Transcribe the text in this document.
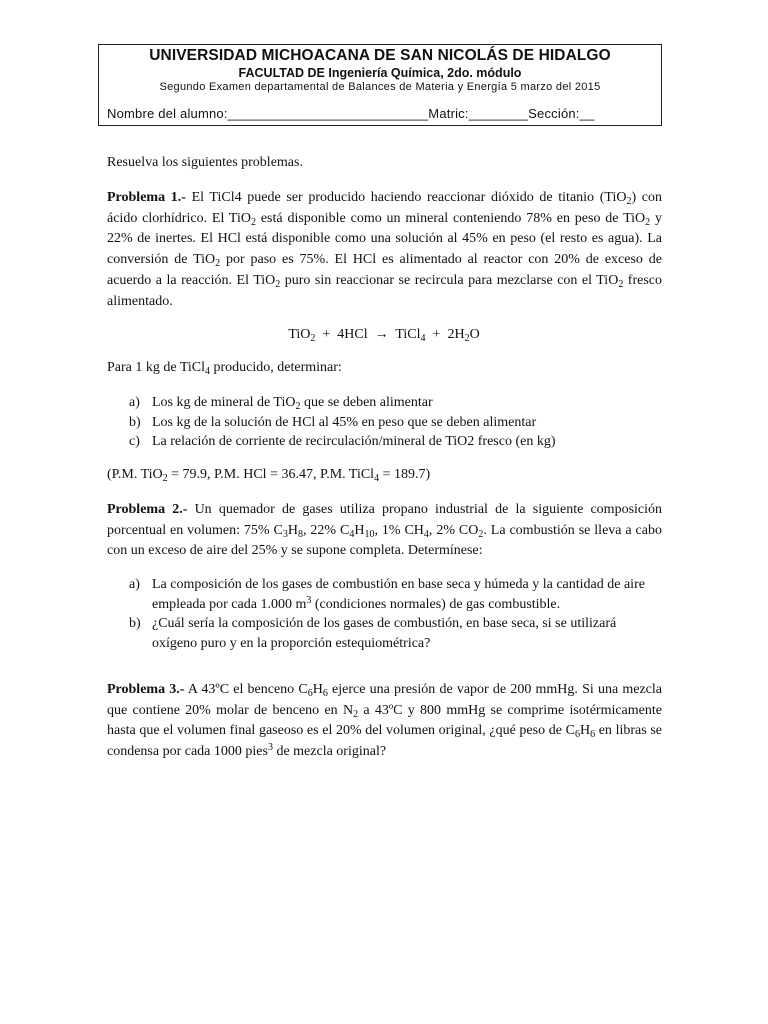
UNIVERSIDAD MICHOACANA DE SAN NICOLÁS DE HIDALGO
FACULTAD DE Ingeniería Química, 2do. módulo
Segundo Examen departamental de Balances de Materia y Energía 5 marzo del 2015
Nombre del alumno:___________________________Matric:________Sección:__
Resuelva los siguientes problemas.

Problema 1.- El TiCl4 puede ser producido haciendo reaccionar dióxido de titanio (TiO$_2$) con ácido clorhídrico. El TiO$_2$ está disponible como un mineral conteniendo 78% en peso de TiO$_2$ y 22% de inertes. El HCl está disponible como una solución al 45% en peso (el resto es agua). La conversión de TiO$_2$ por paso es 75%. El HCl es alimentado al reactor con 20% de exceso de acuerdo a la reacción. El TiO$_2$ puro sin reaccionar se recircula para mezclarse con el TiO$_2$ fresco alimentado.

TiO$_2$  +  4HCl  →  TiCl$_4$  +  $2H_2O$
Para 1 kg de TiCl$_4$ producido, determinar:
a) Los kg de mineral de TiO$_2$ que se deben alimentar
b) Los kg de la solución de HCl al 45% en peso que se deben alimentar
c) La relación de corriente de recirculación/mineral de TiO2 fresco (en kg)
(P.M. TiO$_2$ = 79.9, P.M. HCl = 36.47, P.M. TiCl$_4$ = 189.7)

Problema 2.- Un quemador de gases utiliza propano industrial de la siguiente composición porcentual en volumen: 75% $C_3H_8$, 22% $C_4H_{10}$, 1% $CH_4$, 2% $CO_2$. La combustión se lleva a cabo con un exceso de aire del 25% y se supone completa. Determínese:

a) La composición de los gases de combustión en base seca y húmeda y la cantidad de aire empleada por cada 1.000 $m^3$ (condiciones normales) de gas combustible.
b) ¿Cuál sería la composición de los gases de combustión, en base seca, si se utilizará oxígeno puro y en la proporción estequiométrica?

Problema 3.- A 43ºC el benceno $C_6H_6$ ejerce una presión de vapor de 200 mmHg. Si una mezcla que contiene 20% molar de benceno en $N_2$ a 43ºC y 800 mmHg se comprime isotérmicamente hasta que el volumen final gaseoso es el 20% del volumen original, ¿qué peso de $C_6H_6$ en libras se condensa por cada 1000 pies$^3$ de mezcla original?
